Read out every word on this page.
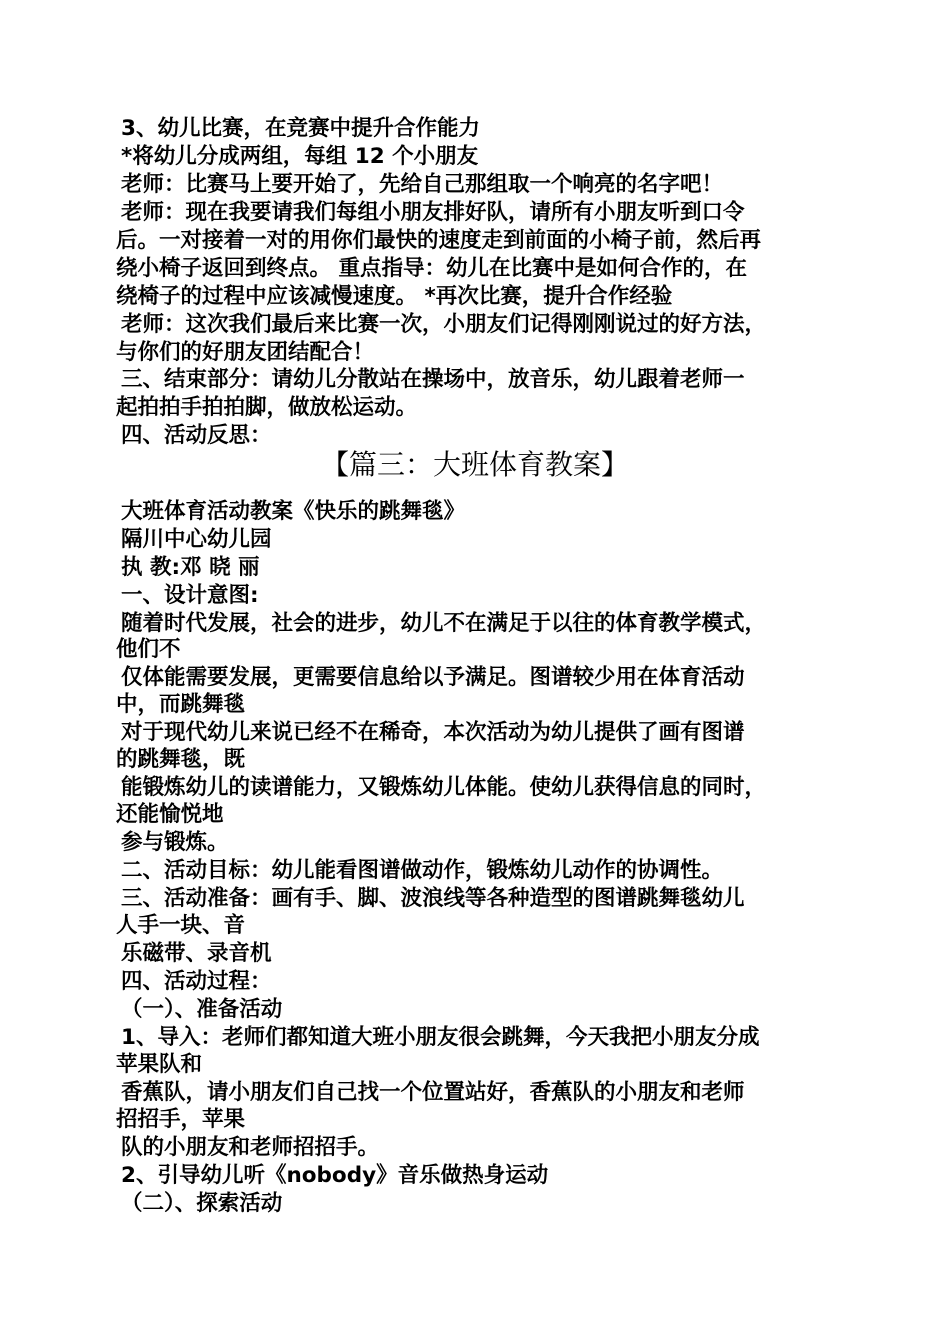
3、幼儿比赛，在竞赛中提升合作能力
*将幼儿分成两组，每组 12 个小朋友
老师：比赛马上要开始了，先给自己那组取一个响亮的名字吧！
老师：现在我要请我们每组小朋友排好队，请所有小朋友听到口令
后。一对接着一对的用你们最快的速度走到前面的小椅子前，然后再
绕小椅子返回到终点。 重点指导：幼儿在比赛中是如何合作的，在
绕椅子的过程中应该减慢速度。 *再次比赛，提升合作经验
老师：这次我们最后来比赛一次，小朋友们记得刚刚说过的好方法，
与你们的好朋友团结配合！
三、结束部分：请幼儿分散站在操场中，放音乐，幼儿跟着老师一
起拍拍手拍拍脚，做放松运动。
四、活动反思：
【篇三：大班体育教案】
大班体育活动教案《快乐的跳舞毯》
隔川中心幼儿园
执 教:邓 晓 丽
一、设计意图:
随着时代发展，社会的进步，幼儿不在满足于以往的体育教学模式，
他们不
仅体能需要发展，更需要信息给以予满足。图谱较少用在体育活动
中，而跳舞毯
对于现代幼儿来说已经不在稀奇，本次活动为幼儿提供了画有图谱
的跳舞毯，既
能锻炼幼儿的读谱能力，又锻炼幼儿体能。使幼儿获得信息的同时，
还能愉悦地
参与锻炼。
二、活动目标：幼儿能看图谱做动作，锻炼幼儿动作的协调性。
三、活动准备：画有手、脚、波浪线等各种造型的图谱跳舞毯幼儿
人手一块、音
乐磁带、录音机
四、活动过程：
（一）、准备活动
1、导入：老师们都知道大班小朋友很会跳舞，今天我把小朋友分成
苹果队和
香蕉队，请小朋友们自己找一个位置站好，香蕉队的小朋友和老师
招招手，苹果
队的小朋友和老师招招手。
2、引导幼儿听《nobody》音乐做热身运动
（二）、探索活动
